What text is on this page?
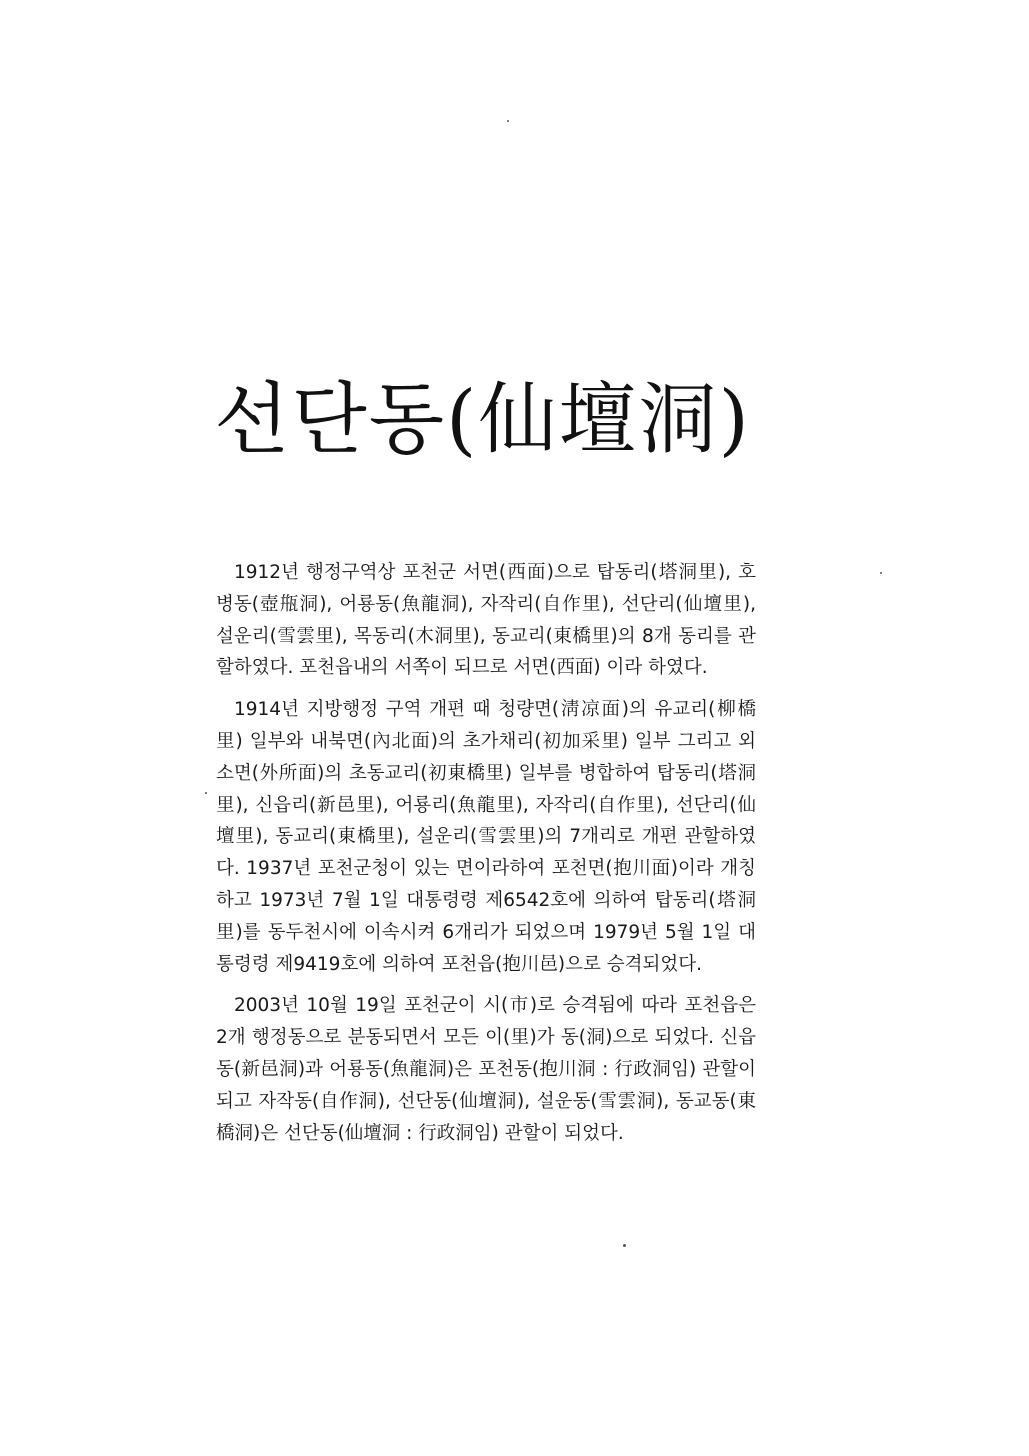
선단동(仙壇洞)

1912년 행정구역상 포천군 서면(西面)으로 탑동리(塔洞里), 호병동(壺甁洞), 어룡동(魚龍洞), 자작리(自作里), 선단리(仙壇里), 설운리(雪雲里), 목동리(木洞里), 동교리(東橋里)의 8개 동리를 관할하였다. 포천읍내의 서쪽이 되므로 서면(西面) 이라 하였다.

1914년 지방행정 구역 개편 때 청량면(淸凉面)의 유교리(柳橋里) 일부와 내북면(內北面)의 초가채리(初加采里) 일부 그리고 외소면(外所面)의 초동교리(初東橋里) 일부를 병합하여 탑동리(塔洞里), 신읍리(新邑里), 어룡리(魚龍里), 자작리(自作里), 선단리(仙壇里), 동교리(東橋里), 설운리(雪雲里)의 7개리로 개편 관할하였다. 1937년 포천군청이 있는 면이라하여 포천면(抱川面)이라 개칭하고 1973년 7월 1일 대통령령 제6542호에 의하여 탑동리(塔洞里)를 동두천시에 이속시켜 6개리가 되었으며 1979년 5월 1일 대통령령 제9419호에 의하여 포천읍(抱川邑)으로 승격되었다.

2003년 10월 19일 포천군이 시(市)로 승격됨에 따라 포천읍은 2개 행정동으로 분동되면서 모든 이(里)가 동(洞)으로 되었다. 신읍동(新邑洞)과 어룡동(魚龍洞)은 포천동(抱川洞 : 行政洞임) 관할이 되고 자작동(自作洞), 선단동(仙壇洞), 설운동(雪雲洞), 동교동(東橋洞)은 선단동(仙壇洞 : 行政洞임) 관할이 되었다.
